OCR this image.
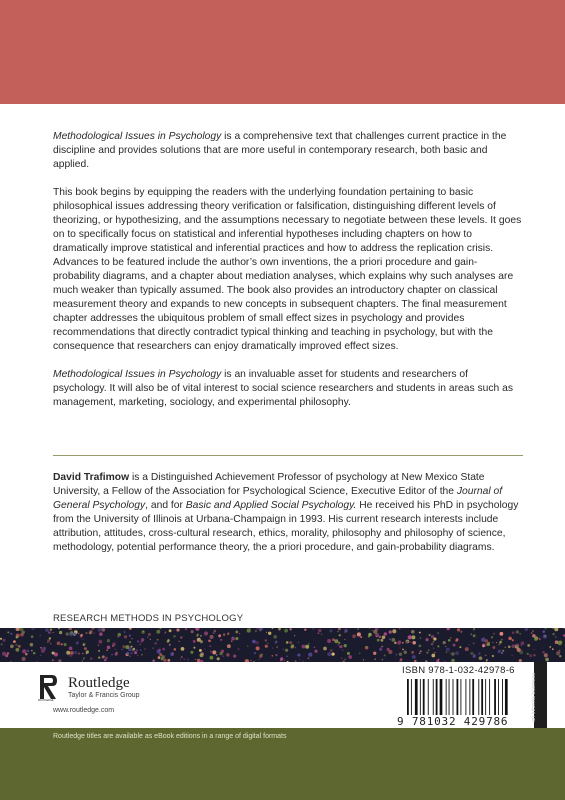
Methodological Issues in Psychology is a comprehensive text that challenges current practice in the discipline and provides solutions that are more useful in contemporary research, both basic and applied.

This book begins by equipping the readers with the underlying foundation pertaining to basic philosophical issues addressing theory verification or falsification, distinguishing different levels of theorizing, or hypothesizing, and the assumptions necessary to negotiate between these levels. It goes on to specifically focus on statistical and inferential hypotheses including chapters on how to dramatically improve statistical and inferential practices and how to address the replication crisis. Advances to be featured include the author’s own inventions, the a priori procedure and gain-probability diagrams, and a chapter about mediation analyses, which explains why such analyses are much weaker than typically assumed. The book also provides an introductory chapter on classical measurement theory and expands to new concepts in subsequent chapters. The final measurement chapter addresses the ubiquitous problem of small effect sizes in psychology and provides recommendations that directly contradict typical thinking and teaching in psychology, but with the consequence that researchers can enjoy dramatically improved effect sizes.

Methodological Issues in Psychology is an invaluable asset for students and researchers of psychology. It will also be of vital interest to social science researchers and students in areas such as management, marketing, sociology, and experimental philosophy.

David Trafimow is a Distinguished Achievement Professor of psychology at New Mexico State University, a Fellow of the Association for Psychological Science, Executive Editor of the Journal of General Psychology, and for Basic and Applied Social Psychology. He received his PhD in psychology from the University of Illinois at Urbana-Champaign in 1993. His current research interests include attribution, attitudes, cross-cultural research, ethics, morality, philosophy and philosophy of science, methodology, potential performance theory, the a priori procedure, and gain-probability diagrams.
RESEARCH METHODS IN PSYCHOLOGY
ROUTLEDGE
Routledge
Taylor & Francis Group
www.routledge.com
ISBN 978-1-032-42978-6
9 781032 429786	an informa business
Routledge titles are available as eBook editions in a range of digital formats
